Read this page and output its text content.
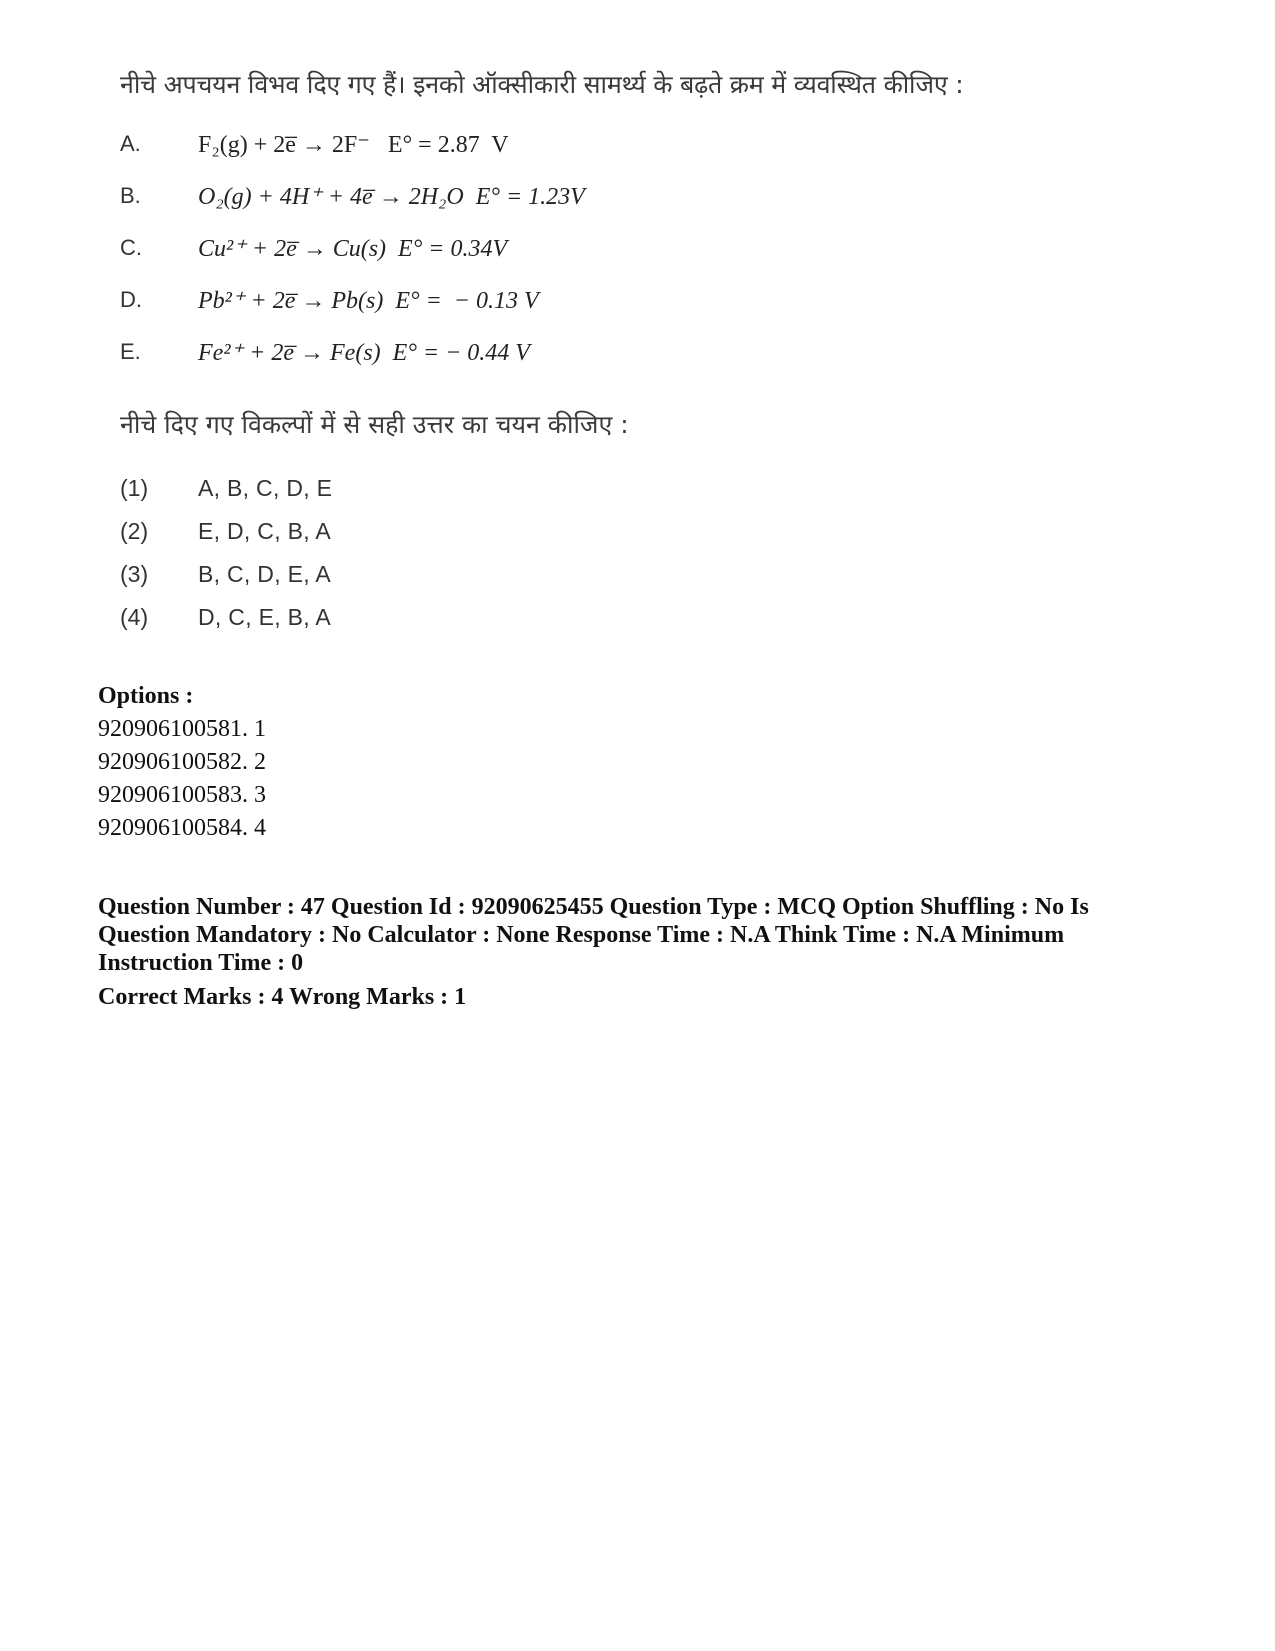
नीचे अपचयन विभव दिए गए हैं। इनको ऑक्सीकारी सामर्थ्य के बढ़ते क्रम में व्यवस्थित कीजिए :

A.	F₂(g) + 2e̅ → 2F⁻   E° = 2.87  V
B.	O₂(g) + 4H⁺ + 4e̅ → 2H₂O  E° = 1.23V
C.	Cu²⁺ + 2e̅ → Cu(s)  E° = 0.34V
D.	Pb²⁺ + 2e̅ → Pb(s)  E° =  − 0.13 V
E.	Fe²⁺ + 2e̅ → Fe(s)  E° = − 0.44 V

नीचे दिए गए विकल्पों में से सही उत्तर का चयन कीजिए :

(1)	A, B, C, D, E
(2)	E, D, C, B, A
(3)	B, C, D, E, A
(4)	D, C, E, B, A
Options :
920906100581. 1
920906100582. 2
920906100583. 3
920906100584. 4
Question Number : 47 Question Id : 92090625455 Question Type : MCQ Option Shuffling : No Is Question Mandatory : No Calculator : None Response Time : N.A Think Time : N.A Minimum Instruction Time : 0
Correct Marks : 4 Wrong Marks : 1
